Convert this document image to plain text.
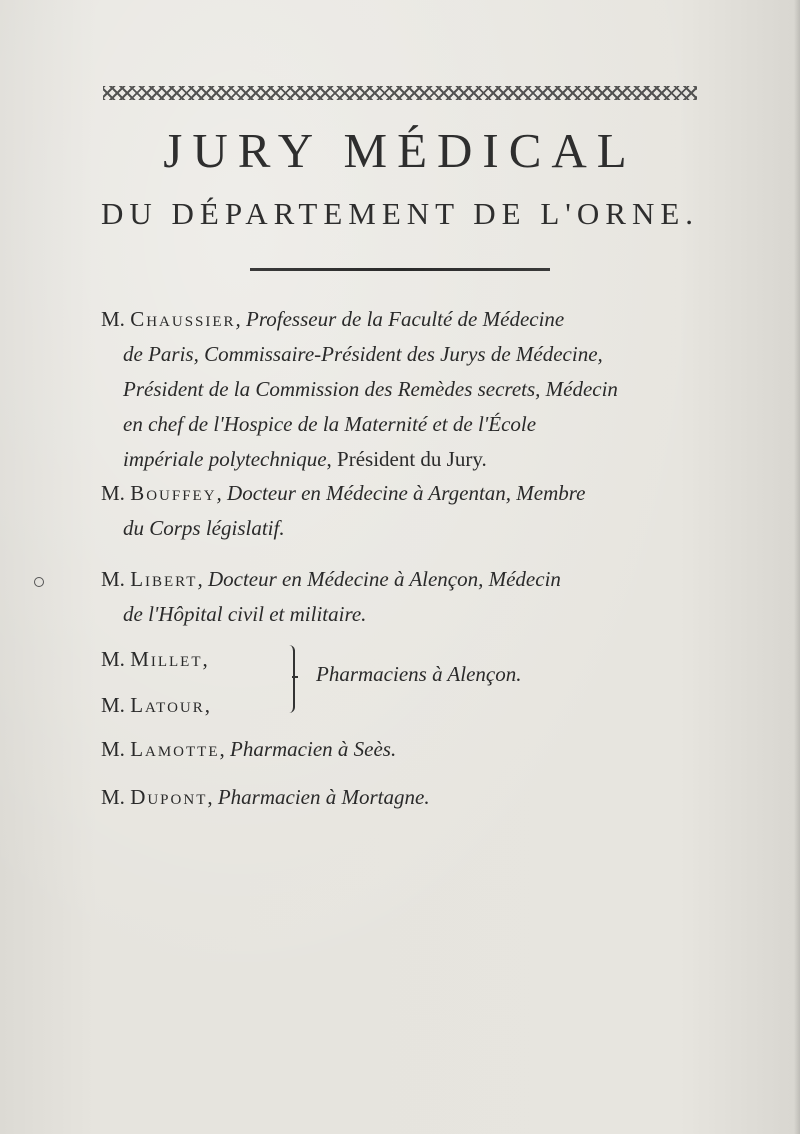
JURY MÉDICAL
DU DÉPARTEMENT DE L'ORNE.
M. Chaussier, Professeur de la Faculté de Médecine
de Paris, Commissaire-Président des Jurys de Médecine,
Président de la Commission des Remèdes secrets, Médecin
en chef de l'Hospice de la Maternité et de l'École
impériale polytechnique, Président du Jury.
M. Bouffey, Docteur en Médecine à Argentan, Membre
du Corps législatif.
M. Libert, Docteur en Médecine à Alençon, Médecin
de l'Hôpital civil et militaire.
M. Millet,
M. Latour,
Pharmaciens à Alençon.
M. Lamotte, Pharmacien à Seès.
M. Dupont, Pharmacien à Mortagne.
